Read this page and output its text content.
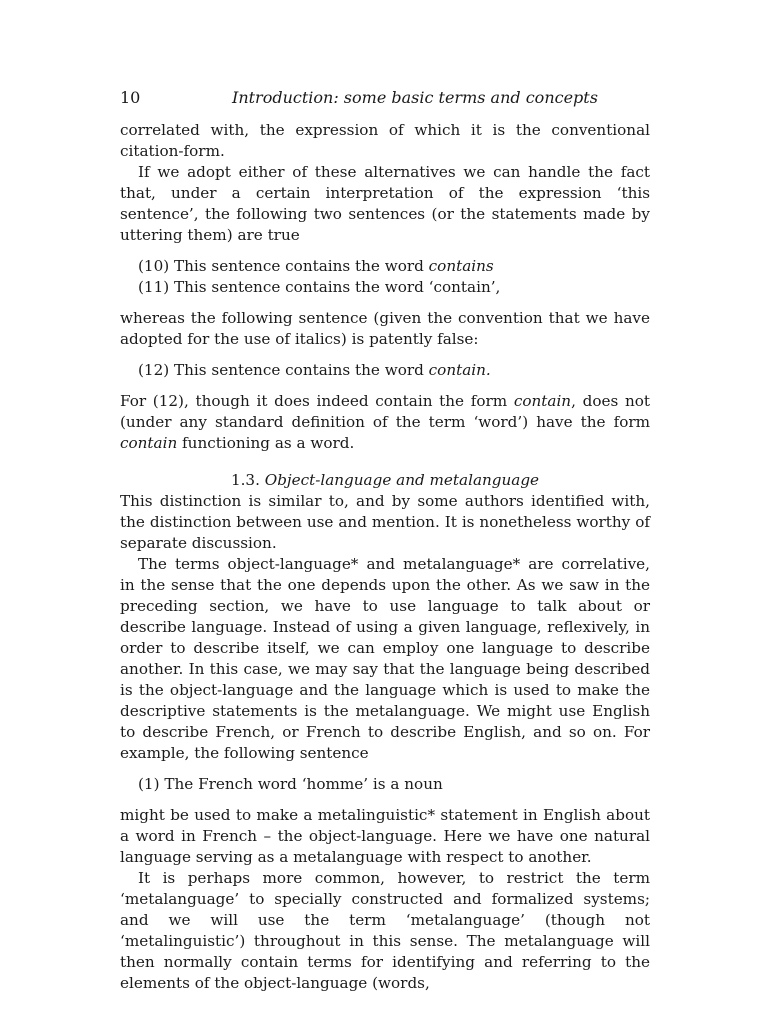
10	Introduction: some basic terms and concepts

correlated with, the expression of which it is the conventional citation-form.

If we adopt either of these alternatives we can handle the fact that, under a certain interpretation of the expression ‘this sentence’, the following two sentences (or the statements made by uttering them) are true

(10) This sentence contains the word contains

(11) This sentence contains the word ‘contain’,

whereas the following sentence (given the convention that we have adopted for the use of italics) is patently false:

(12) This sentence contains the word contain.

For (12), though it does indeed contain the form contain, does not (under any standard definition of the term ‘word’) have the form contain functioning as a word.

1.3. Object-language and metalanguage

This distinction is similar to, and by some authors identified with, the distinction between use and mention. It is nonetheless worthy of separate discussion.

The terms object-language* and metalanguage* are correlative, in the sense that the one depends upon the other. As we saw in the preceding section, we have to use language to talk about or describe language. Instead of using a given language, reflexively, in order to describe itself, we can employ one language to describe another. In this case, we may say that the language being described is the object-language and the language which is used to make the descriptive statements is the metalanguage. We might use English to describe French, or French to describe English, and so on. For example, the following sentence

(1) The French word ‘homme’ is a noun

might be used to make a metalinguistic* statement in English about a word in French – the object-language. Here we have one natural language serving as a metalanguage with respect to another.

It is perhaps more common, however, to restrict the term ‘metalanguage’ to specially constructed and formalized systems; and we will use the term ‘metalanguage’ (though not ‘metalinguistic’) throughout in this sense. The metalanguage will then normally contain terms for identifying and referring to the elements of the object-language (words,
